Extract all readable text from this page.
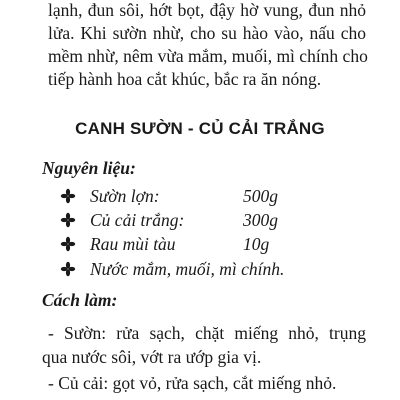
lạnh, đun sôi, hớt bọt, đậy hờ vung, đun nhỏ
lửa. Khi sườn nhừ, cho su hào vào, nấu cho
mềm nhừ, nêm vừa mắm, muối, mì chính cho
tiếp hành hoa cắt khúc, bắc ra ăn nóng.
CANH SƯỜN - CỦ CẢI TRẮNG
Nguyên liệu:
Sườn lợn:	500g
Củ cải trắng:	300g
Rau mùi tàu	10g
Nước mắm, muối, mì chính.
Cách làm:
- Sườn: rửa sạch, chặt miếng nhỏ, trụng
qua nước sôi, vớt ra ướp gia vị.
- Củ cải: gọt vỏ, rửa sạch, cắt miếng nhỏ.
